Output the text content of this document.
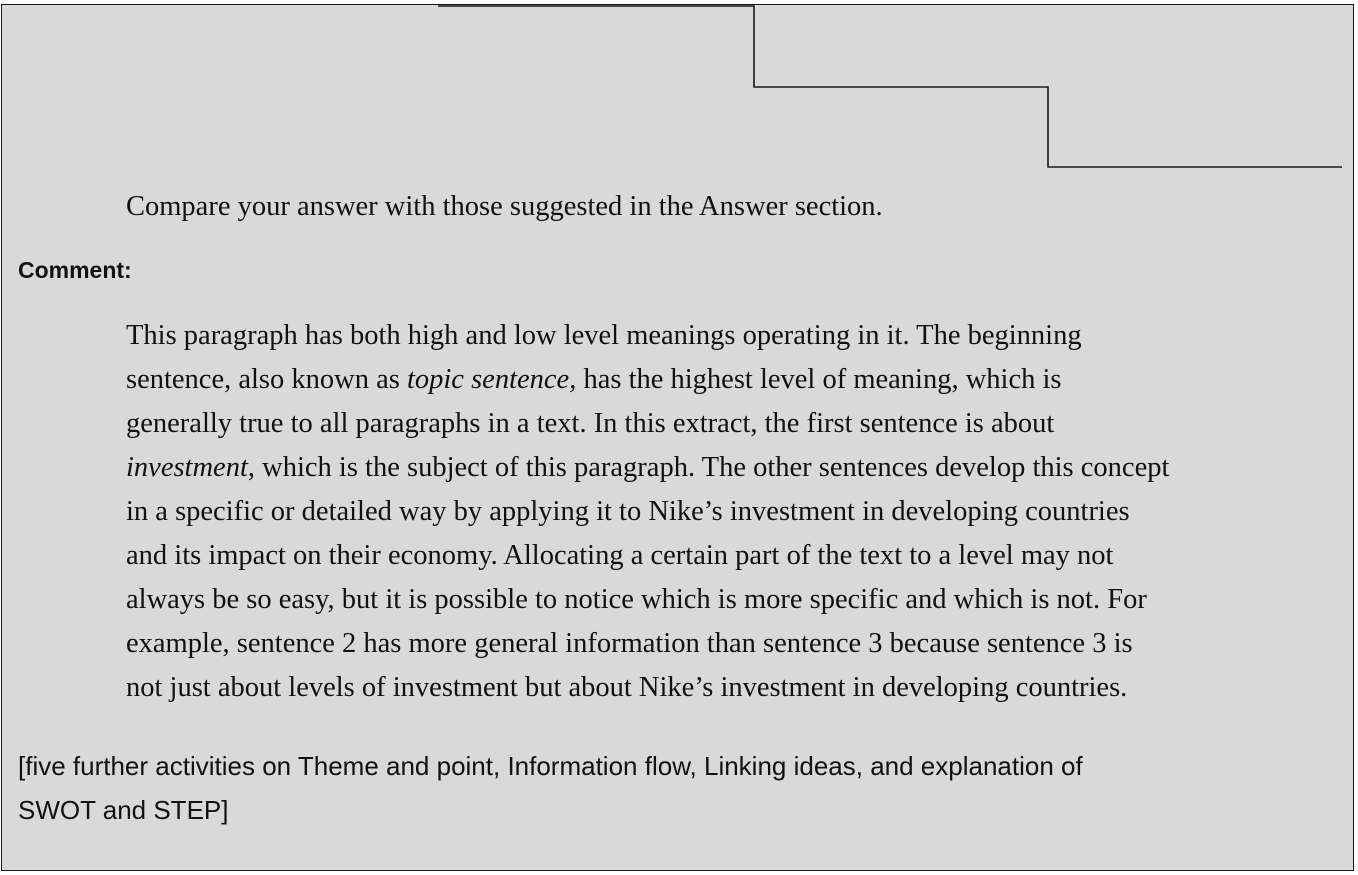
Compare your answer with those suggested in the Answer section.
Comment:
This paragraph has both high and low level meanings operating in it. The beginning
sentence, also known as topic sentence, has the highest level of meaning, which is
generally true to all paragraphs in a text. In this extract, the first sentence is about
investment, which is the subject of this paragraph. The other sentences develop this concept
in a specific or detailed way by applying it to Nike’s investment in developing countries
and its impact on their economy. Allocating a certain part of the text to a level may not
always be so easy, but it is possible to notice which is more specific and which is not. For
example, sentence 2 has more general information than sentence 3 because sentence 3 is
not just about levels of investment but about Nike’s investment in developing countries.
[five further activities on Theme and point, Information flow, Linking ideas, and explanation of
SWOT and STEP]
